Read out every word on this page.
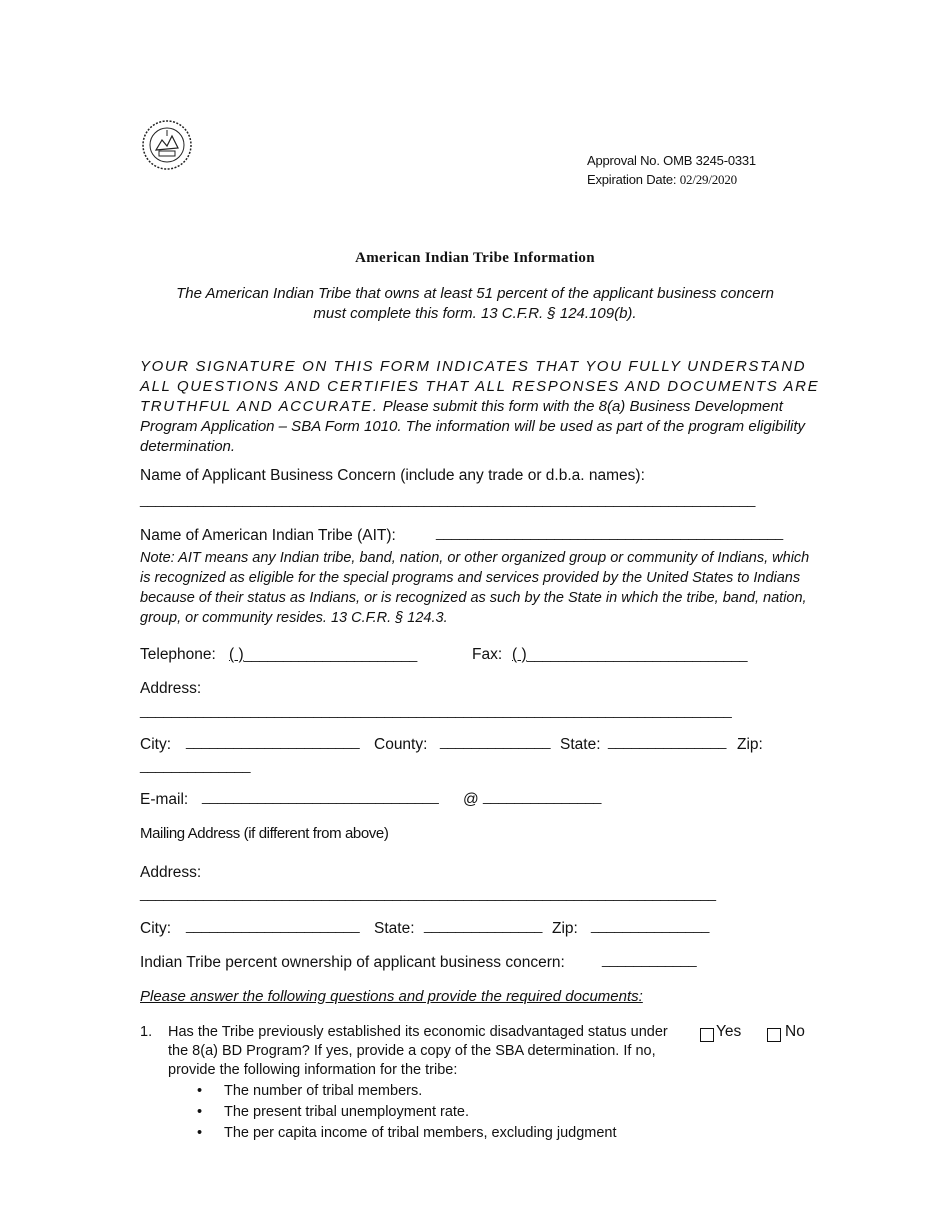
Approval No. OMB 3245-0331
Expiration Date: 02/29/2020
American Indian Tribe Information
The American Indian Tribe that owns at least 51 percent of the applicant business concern
must complete this form. 13 C.F.R. § 124.109(b).
YOUR SIGNATURE ON THIS FORM INDICATES THAT YOU FULLY UNDERSTAND ALL QUESTIONS AND CERTIFIES THAT ALL RESPONSES AND DOCUMENTS ARE TRUTHFUL AND ACCURATE. Please submit this form with the 8(a) Business Development Program Application – SBA Form 1010. The information will be used as part of the program eligibility determination.
Name of Applicant Business Concern (include any trade or d.b.a. names):
______________________________________________________________________________
Name of American Indian Tribe (AIT):	____________________________________________
Note: AIT means any Indian tribe, band, nation, or other organized group or community of Indians, which is recognized as eligible for the special programs and services provided by the United States to Indians because of their status as Indians, or is recognized as such by the State in which the tribe, band, nation, group, or community resides. 13 C.F.R. § 124.3.
Telephone: ( )______________________	Fax: ( )____________________________
Address:
___________________________________________________________________________
City: ______________________ County: ______________ State: _______________ Zip:
______________
E-mail: ______________________________ @ _______________
Mailing Address (if different from above)
Address:
_________________________________________________________________________
City: ______________________ State: _______________ Zip: _______________
Indian Tribe percent ownership of applicant business concern:	____________
Please answer the following questions and provide the required documents:
1. Has the Tribe previously established its economic disadvantaged status under the 8(a) BD Program? If yes, provide a copy of the SBA determination. If no, provide the following information for the tribe:
Yes	No
• The number of tribal members.
• The present tribal unemployment rate.
• The per capita income of tribal members, excluding judgment
